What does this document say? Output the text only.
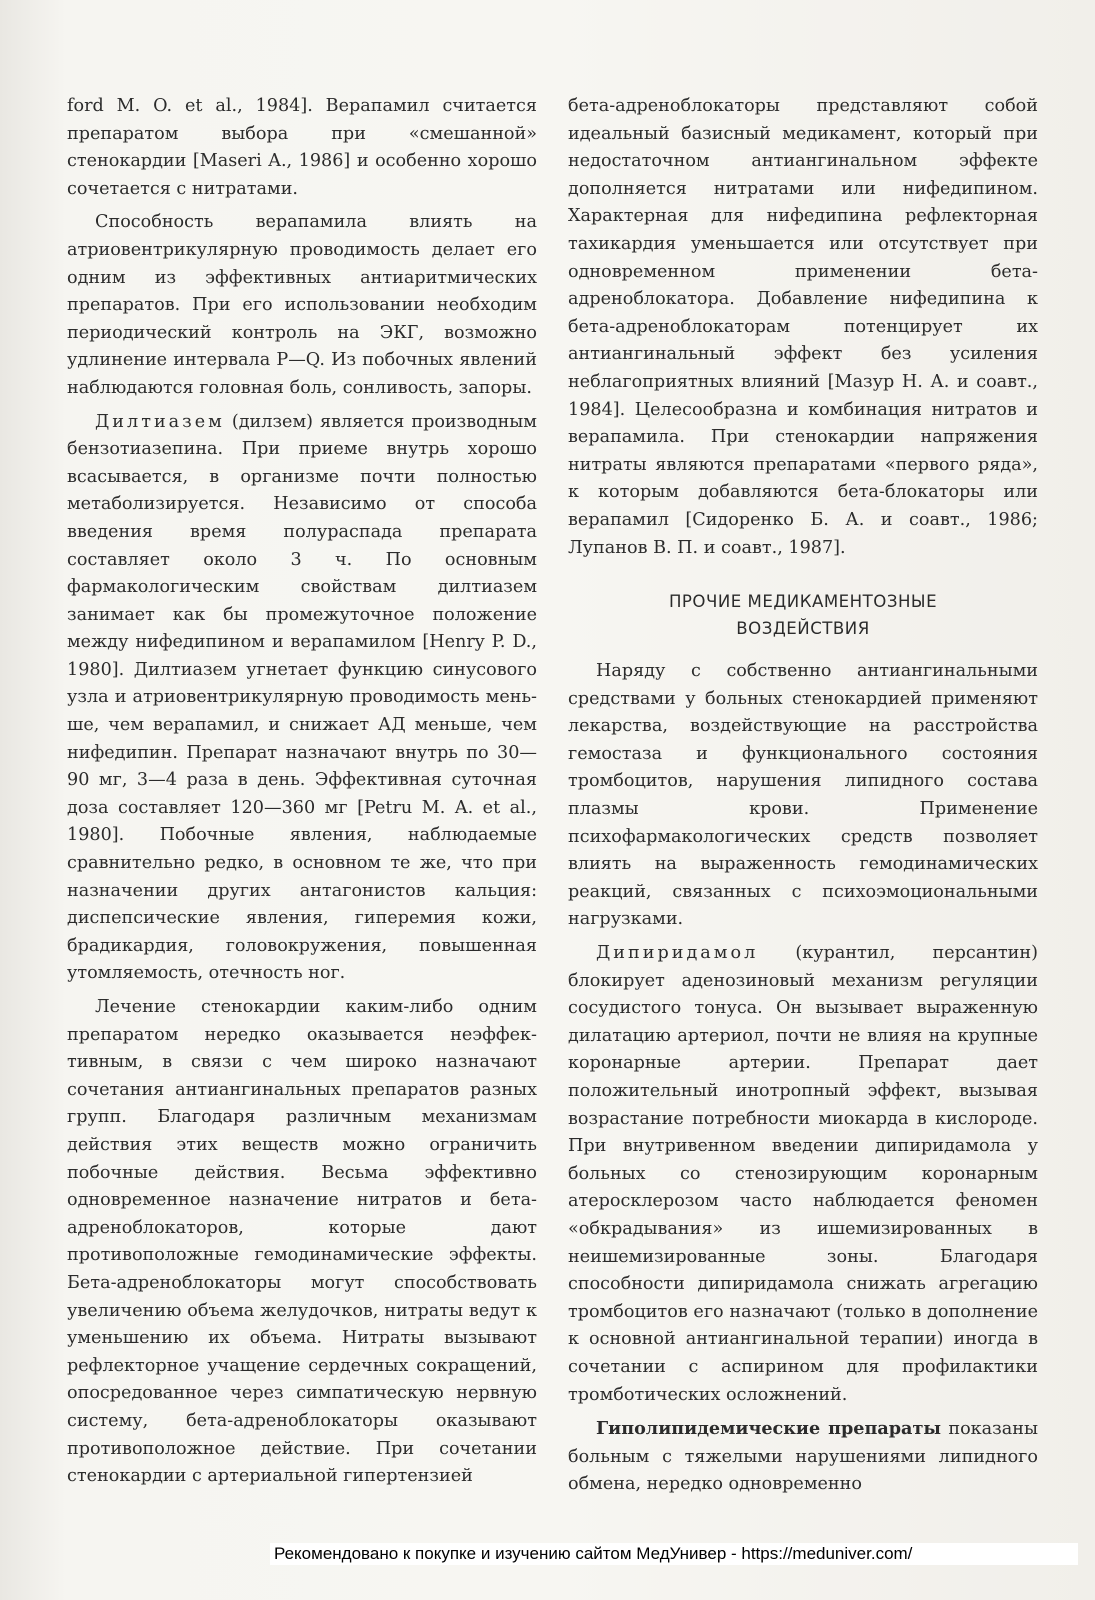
ford M. O. et al., 1984]. Верапамил считается препаратом выбора при «смешанной» стенокардии [Maseri A., 1986] и особенно хорошо сочетается с нитратами.

Способность верапамила влиять на атриовентрикулярную проводимость делает его одним из эффективных антиаритмических препаратов. При его использовании необходим периодический контроль на ЭКГ, возможно удлинение интервала P—Q. Из побочных явлений наблюдаются головная боль, сонливость, запоры.

Дилтиазем (дилзем) является производным бензотиазепина. При приеме внутрь хорошо всасывается, в организме почти полностью метаболизируется. Независимо от способа введения время полураспада препарата составляет около 3 ч. По основным фармакологическим свойствам дилтиазем занимает как бы промежуточное положение между нифедипином и верапамилом [Henry P. D., 1980]. Дилтиазем угнетает функцию синусового узла и атриовентрикулярную проводимость меньше, чем верапамил, и снижает АД меньше, чем нифедипин. Препарат назначают внутрь по 30—90 мг, 3—4 раза в день. Эффективная суточная доза составляет 120—360 мг [Petru M. A. et al., 1980]. Побочные явления, наблюдаемые сравнительно редко, в основном те же, что при назначении других антагонистов кальция: диспепсические явления, гиперемия кожи, брадикардия, головокружения, повышенная утомляемость, отечность ног.

Лечение стенокардии каким-либо одним препаратом нередко оказывается неэффективным, в связи с чем широко назначают сочетания антиангинальных препаратов разных групп. Благодаря различным механизмам действия этих веществ можно ограничить побочные действия. Весьма эффективно одновременное назначение нитратов и бета-адреноблокаторов, которые дают противоположные гемодинамические эффекты. Бета-адреноблокаторы могут способствовать увеличению объема желудочков, нитраты ведут к уменьшению их объема. Нитраты вызывают рефлекторное учащение сердечных сокращений, опосредованное через симпатическую нервную систему, бета-адреноблокаторы оказывают противоположное действие. При сочетании стенокардии с артериальной гипертензией

бета-адреноблокаторы представляют собой идеальный базисный медикамент, который при недостаточном антиангинальном эффекте дополняется нитратами или нифедипином. Характерная для нифедипина рефлекторная тахикардия уменьшается или отсутствует при одновременном применении бета-адреноблокатора. Добавление нифедипина к бета-адреноблокаторам потенцирует их антиангинальный эффект без усиления неблагоприятных влияний [Мазур Н. А. и соавт., 1984]. Целесообразна и комбинация нитратов и верапамила. При стенокардии напряжения нитраты являются препаратами «первого ряда», к которым добавляются бета-блокаторы или верапамил [Сидоренко Б. А. и соавт., 1986; Лупанов В. П. и соавт., 1987].

ПРОЧИЕ МЕДИКАМЕНТОЗНЫЕ
ВОЗДЕЙСТВИЯ

Наряду с собственно антиангинальными средствами у больных стенокардией применяют лекарства, воздействующие на расстройства гемостаза и функционального состояния тромбоцитов, нарушения липидного состава плазмы крови. Применение психофармакологических средств позволяет влиять на выраженность гемодинамических реакций, связанных с психоэмоциональными нагрузками.

Дипиридамол (курантил, персантин) блокирует аденозиновый механизм регуляции сосудистого тонуса. Он вызывает выраженную дилатацию артериол, почти не влияя на крупные коронарные артерии. Препарат дает положительный инотропный эффект, вызывая возрастание потребности миокарда в кислороде. При внутривенном введении дипиридамола у больных со стенозирующим коронарным атеросклерозом часто наблюдается феномен «обкрадывания» из ишемизированных в неишемизированные зоны. Благодаря способности дипиридамола снижать агрегацию тромбоцитов его назначают (только в дополнение к основной антиангинальной терапии) иногда в сочетании с аспирином для профилактики тромботических осложнений.

Гиполипидемические препараты показаны больным с тяжелыми нарушениями липидного обмена, нередко одновременно

Рекомендовано к покупке и изучению сайтом МедУнивер - https://meduniver.com/
